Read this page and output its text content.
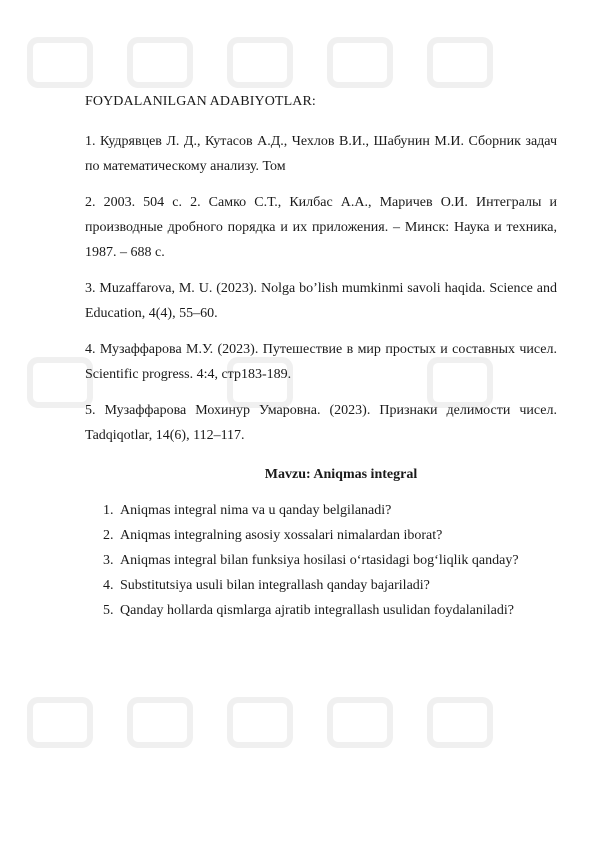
FOYDALANILGAN ADABIYOTLAR:

1. Кудрявцев Л. Д., Кутасов А.Д., Чехлов В.И., Шабунин М.И. Сборник задач по математическому анализу. Том

2. 2003. 504 с. 2. Самко С.Т., Килбас А.А., Маричев О.И. Интегралы и производные дробного порядка и их приложения. – Минск: Наука и техника, 1987. – 688 с.

3. Muzaffarova, M. U. (2023). Nolga bo’lish mumkinmi savoli haqida. Science and Education, 4(4), 55–60.

4. Музаффарова М.У. (2023). Путешествие в мир простых и составных чисел. Scientific progress. 4:4, стр183-189.

5. Музаффарова Мохинур Умаровна. (2023). Признаки делимости чисел. Tadqiqotlar, 14(6), 112–117.

Mavzu: Aniqmas integral
1. Aniqmas integral nima va u qanday belgilanadi?
2. Aniqmas integralning asosiy xossalari nimalardan iborat?
3. Aniqmas integral bilan funksiya hosilasi o‘rtasidagi bog‘liqlik qanday?
4. Substitutsiya usuli bilan integrallash qanday bajariladi?
5. Qanday hollarda qismlarga ajratib integrallash usulidan foydalaniladi?
